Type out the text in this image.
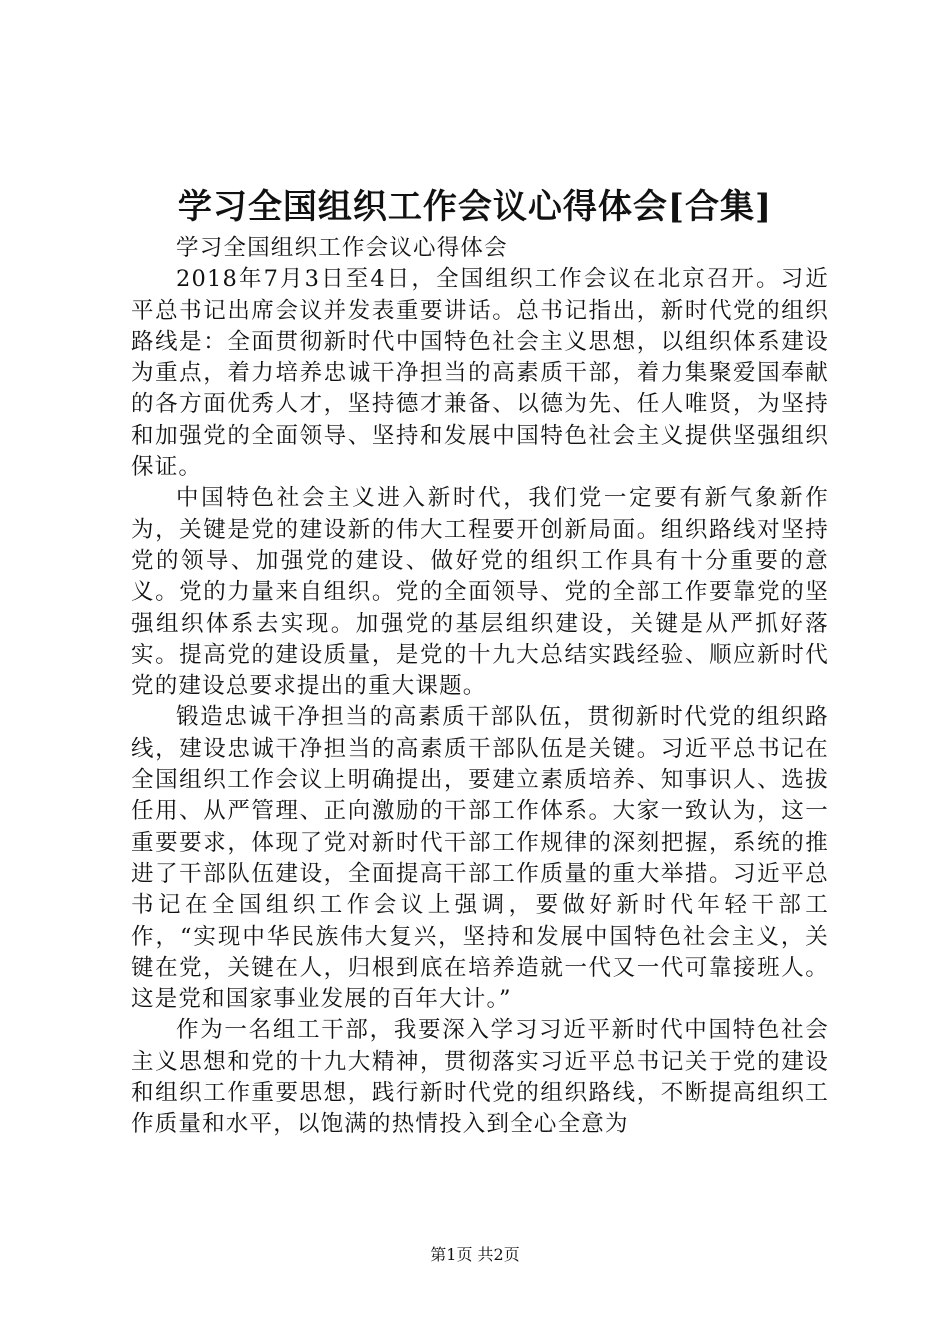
学习全国组织工作会议心得体会[合集]

学习全国组织工作会议心得体会

2018年7月3日至4日，全国组织工作会议在北京召开。习近平总书记出席会议并发表重要讲话。总书记指出，新时代党的组织路线是：全面贯彻新时代中国特色社会主义思想，以组织体系建设为重点，着力培养忠诚干净担当的高素质干部，着力集聚爱国奉献的各方面优秀人才，坚持德才兼备、以德为先、任人唯贤，为坚持和加强党的全面领导、坚持和发展中国特色社会主义提供坚强组织保证。

中国特色社会主义进入新时代，我们党一定要有新气象新作为，关键是党的建设新的伟大工程要开创新局面。组织路线对坚持党的领导、加强党的建设、做好党的组织工作具有十分重要的意义。党的力量来自组织。党的全面领导、党的全部工作要靠党的坚强组织体系去实现。加强党的基层组织建设，关键是从严抓好落实。提高党的建设质量，是党的十九大总结实践经验、顺应新时代党的建设总要求提出的重大课题。

锻造忠诚干净担当的高素质干部队伍，贯彻新时代党的组织路线，建设忠诚干净担当的高素质干部队伍是关键。习近平总书记在全国组织工作会议上明确提出，要建立素质培养、知事识人、选拔任用、从严管理、正向激励的干部工作体系。大家一致认为，这一重要要求，体现了党对新时代干部工作规律的深刻把握，系统的推进了干部队伍建设，全面提高干部工作质量的重大举措。习近平总书记在全国组织工作会议上强调，要做好新时代年轻干部工作，“实现中华民族伟大复兴，坚持和发展中国特色社会主义，关键在党，关键在人，归根到底在培养造就一代又一代可靠接班人。这是党和国家事业发展的百年大计。”

作为一名组工干部，我要深入学习习近平新时代中国特色社会主义思想和党的十九大精神，贯彻落实习近平总书记关于党的建设和组织工作重要思想，践行新时代党的组织路线，不断提高组织工作质量和水平，以饱满的热情投入到全心全意为

第1页 共2页
